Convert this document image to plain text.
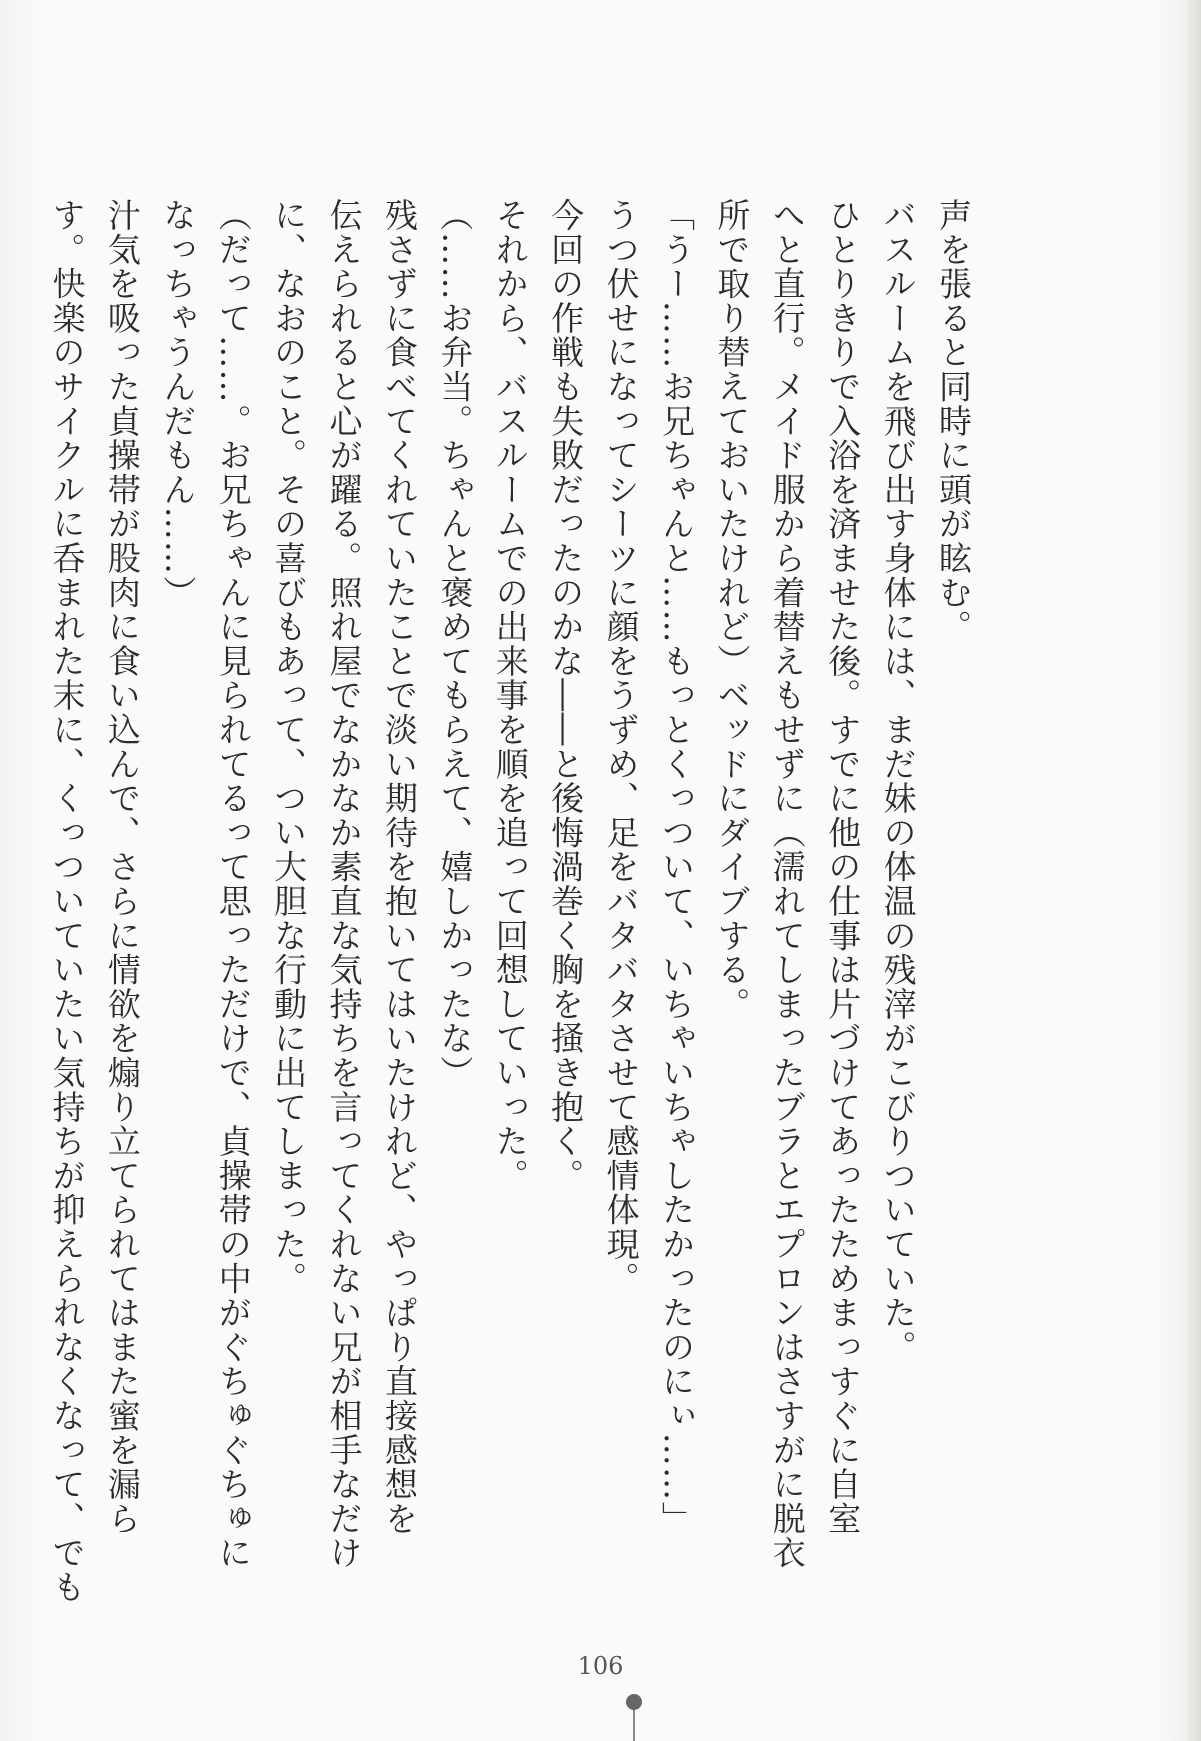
声を張ると同時に頭が眩む。
バスルームを飛び出す身体には、まだ妹の体温の残滓がこびりついていた。
ひとりきりで入浴を済ませた後。すでに他の仕事は片づけてあったためまっすぐに自室
へと直行。メイド服から着替えもせずに（濡れてしまったブラとエプロンはさすがに脱衣
所で取り替えておいたけれど）ベッドにダイブする。
「うー……お兄ちゃんと……もっとくっついて、いちゃいちゃしたかったのにぃ……」
うつ伏せになってシーツに顔をうずめ、足をバタバタさせて感情体現。
今回の作戦も失敗だったのかな――と後悔渦巻く胸を掻き抱く。
それから、バスルームでの出来事を順を追って回想していった。
（……お弁当。ちゃんと褒めてもらえて、嬉しかったな）
残さずに食べてくれていたことで淡い期待を抱いてはいたけれど、やっぱり直接感想を
伝えられると心が躍る。照れ屋でなかなか素直な気持ちを言ってくれない兄が相手なだけ
に、なおのこと。その喜びもあって、つい大胆な行動に出てしまった。
（だって……。お兄ちゃんに見られてるって思っただけで、貞操帯の中がぐちゅぐちゅに
なっちゃうんだもん……）
汁気を吸った貞操帯が股肉に食い込んで、さらに情欲を煽り立てられてはまた蜜を漏ら
す。快楽のサイクルに呑まれた末に、くっついていたい気持ちが抑えられなくなって、でも
106
